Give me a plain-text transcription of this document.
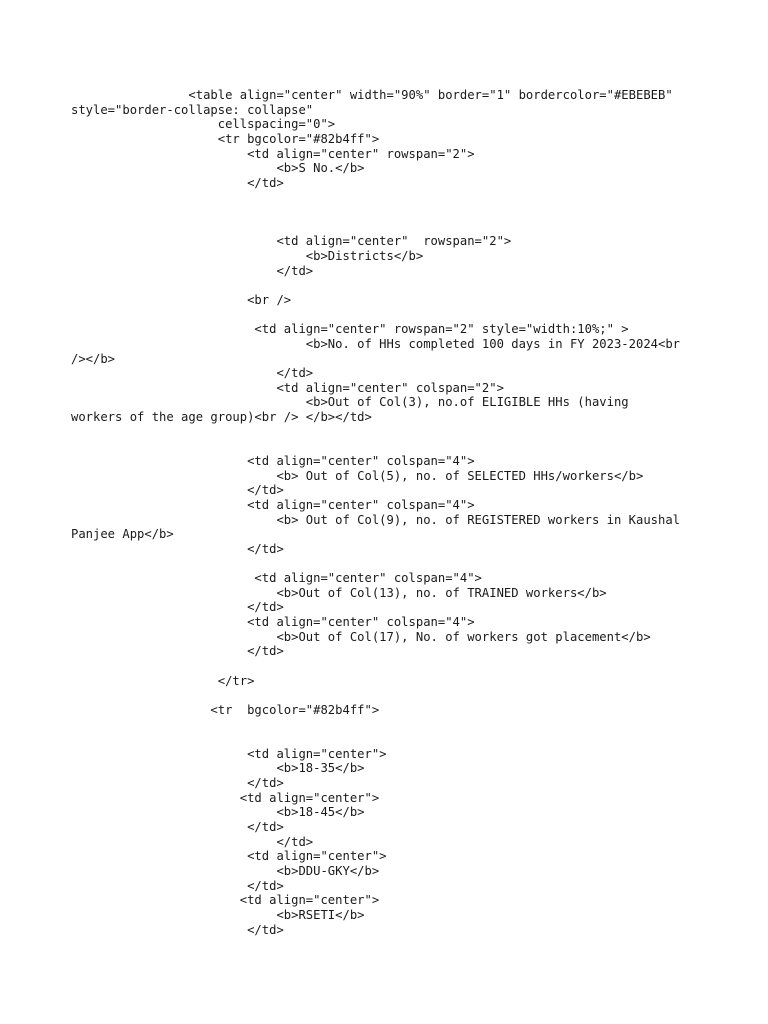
<table align="center" width="90%" border="1" bordercolor="#EBEBEB"
style="border-collapse: collapse"
cellspacing="0">
<tr bgcolor="#82b4ff">
<td align="center" rowspan="2">
<b>S No.</b>
</td>
<td align="center"  rowspan="2">
<b>Districts</b>
</td>
<br />
<td align="center" rowspan="2" style="width:10%;" >
<b>No. of HHs completed 100 days in FY 2023-2024<br
/></b>
</td>
<td align="center" colspan="2">
<b>Out of Col(3), no.of ELIGIBLE HHs (having
workers of the age group)<br /> </b></td>
<td align="center" colspan="4">
<b> Out of Col(5), no. of SELECTED HHs/workers</b>
</td>
<td align="center" colspan="4">
<b> Out of Col(9), no. of REGISTERED workers in Kaushal
Panjee App</b>
</td>
<td align="center" colspan="4">
<b>Out of Col(13), no. of TRAINED workers</b>
</td>
<td align="center" colspan="4">
<b>Out of Col(17), No. of workers got placement</b>
</td>
</tr>
<tr  bgcolor="#82b4ff">
<td align="center">
<b>18-35</b>
</td>
<td align="center">
<b>18-45</b>
</td>
</td>
<td align="center">
<b>DDU-GKY</b>
</td>
<td align="center">
<b>RSETI</b>
</td>
